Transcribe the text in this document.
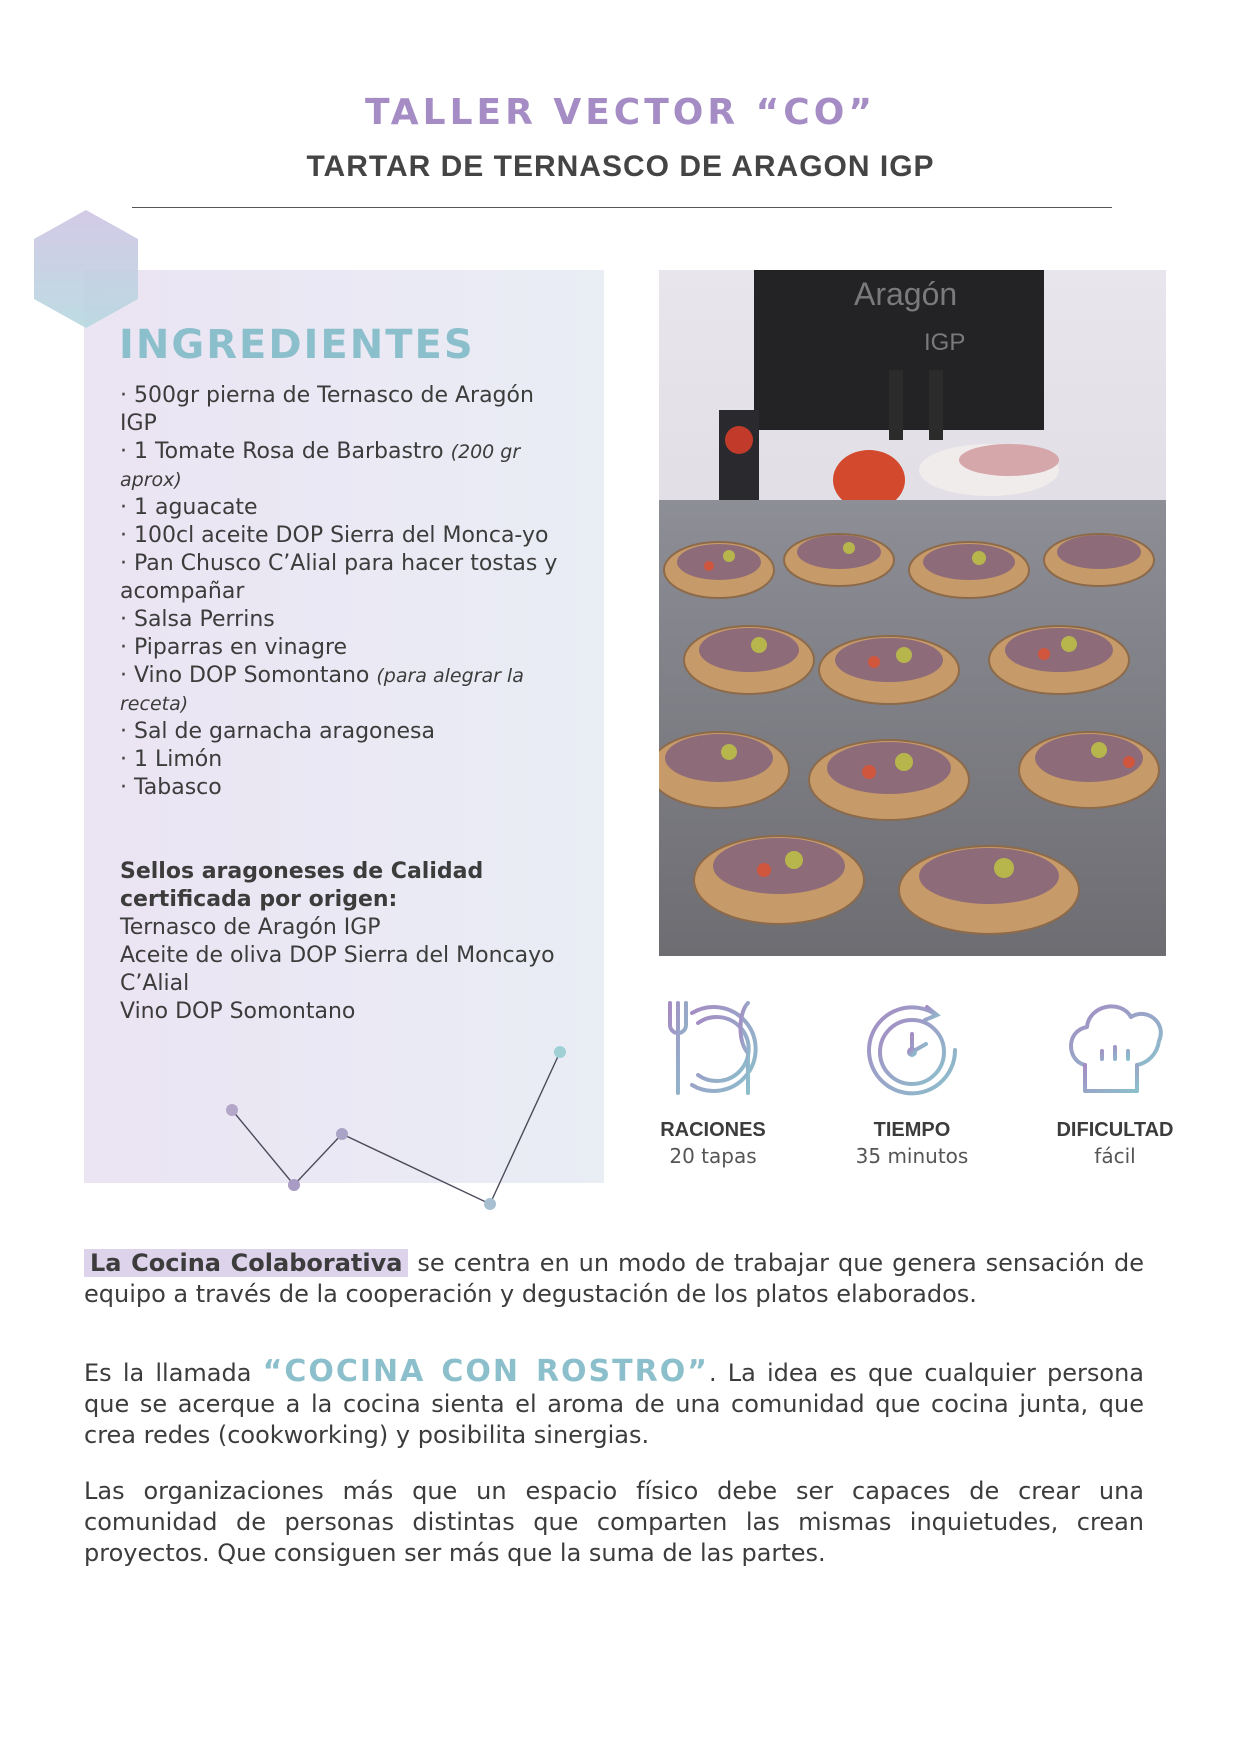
TALLER VECTOR “CO”
TARTAR DE TERNASCO DE ARAGON IGP
INGREDIENTES
· 500gr pierna de Ternasco de Aragón IGP
· 1 Tomate Rosa de Barbastro (200 gr aprox)
· 1 aguacate
· 100cl aceite DOP Sierra del Monca-yo
· Pan Chusco C’Alial para hacer tostas y acompañar
· Salsa Perrins
· Piparras en vinagre
· Vino DOP Somontano (para alegrar la receta)
· Sal de garnacha aragonesa
· 1 Limón
· Tabasco
Sellos aragoneses de Calidad certificada por origen:
Ternasco de Aragón IGP
Aceite de oliva DOP Sierra del Moncayo
C’Alial
Vino DOP Somontano
Aragón
IGP
RACIONES
20 tapas
TIEMPO
35 minutos
DIFICULTAD
fácil
La Cocina Colaborativa se centra en un modo de trabajar que genera sensación de equipo a través de la cooperación y degustación de los platos elaborados.
Es la llamada “COCINA CON ROSTRO”. La idea es que cualquier persona que se acerque a la cocina sienta el aroma de una comunidad que cocina junta, que crea redes (cookworking) y posibilita sinergias.
Las organizaciones más que un espacio físico debe ser capaces de crear una comunidad de personas distintas que comparten las mismas inquietudes, crean proyectos. Que consiguen ser más que la suma de las partes.
